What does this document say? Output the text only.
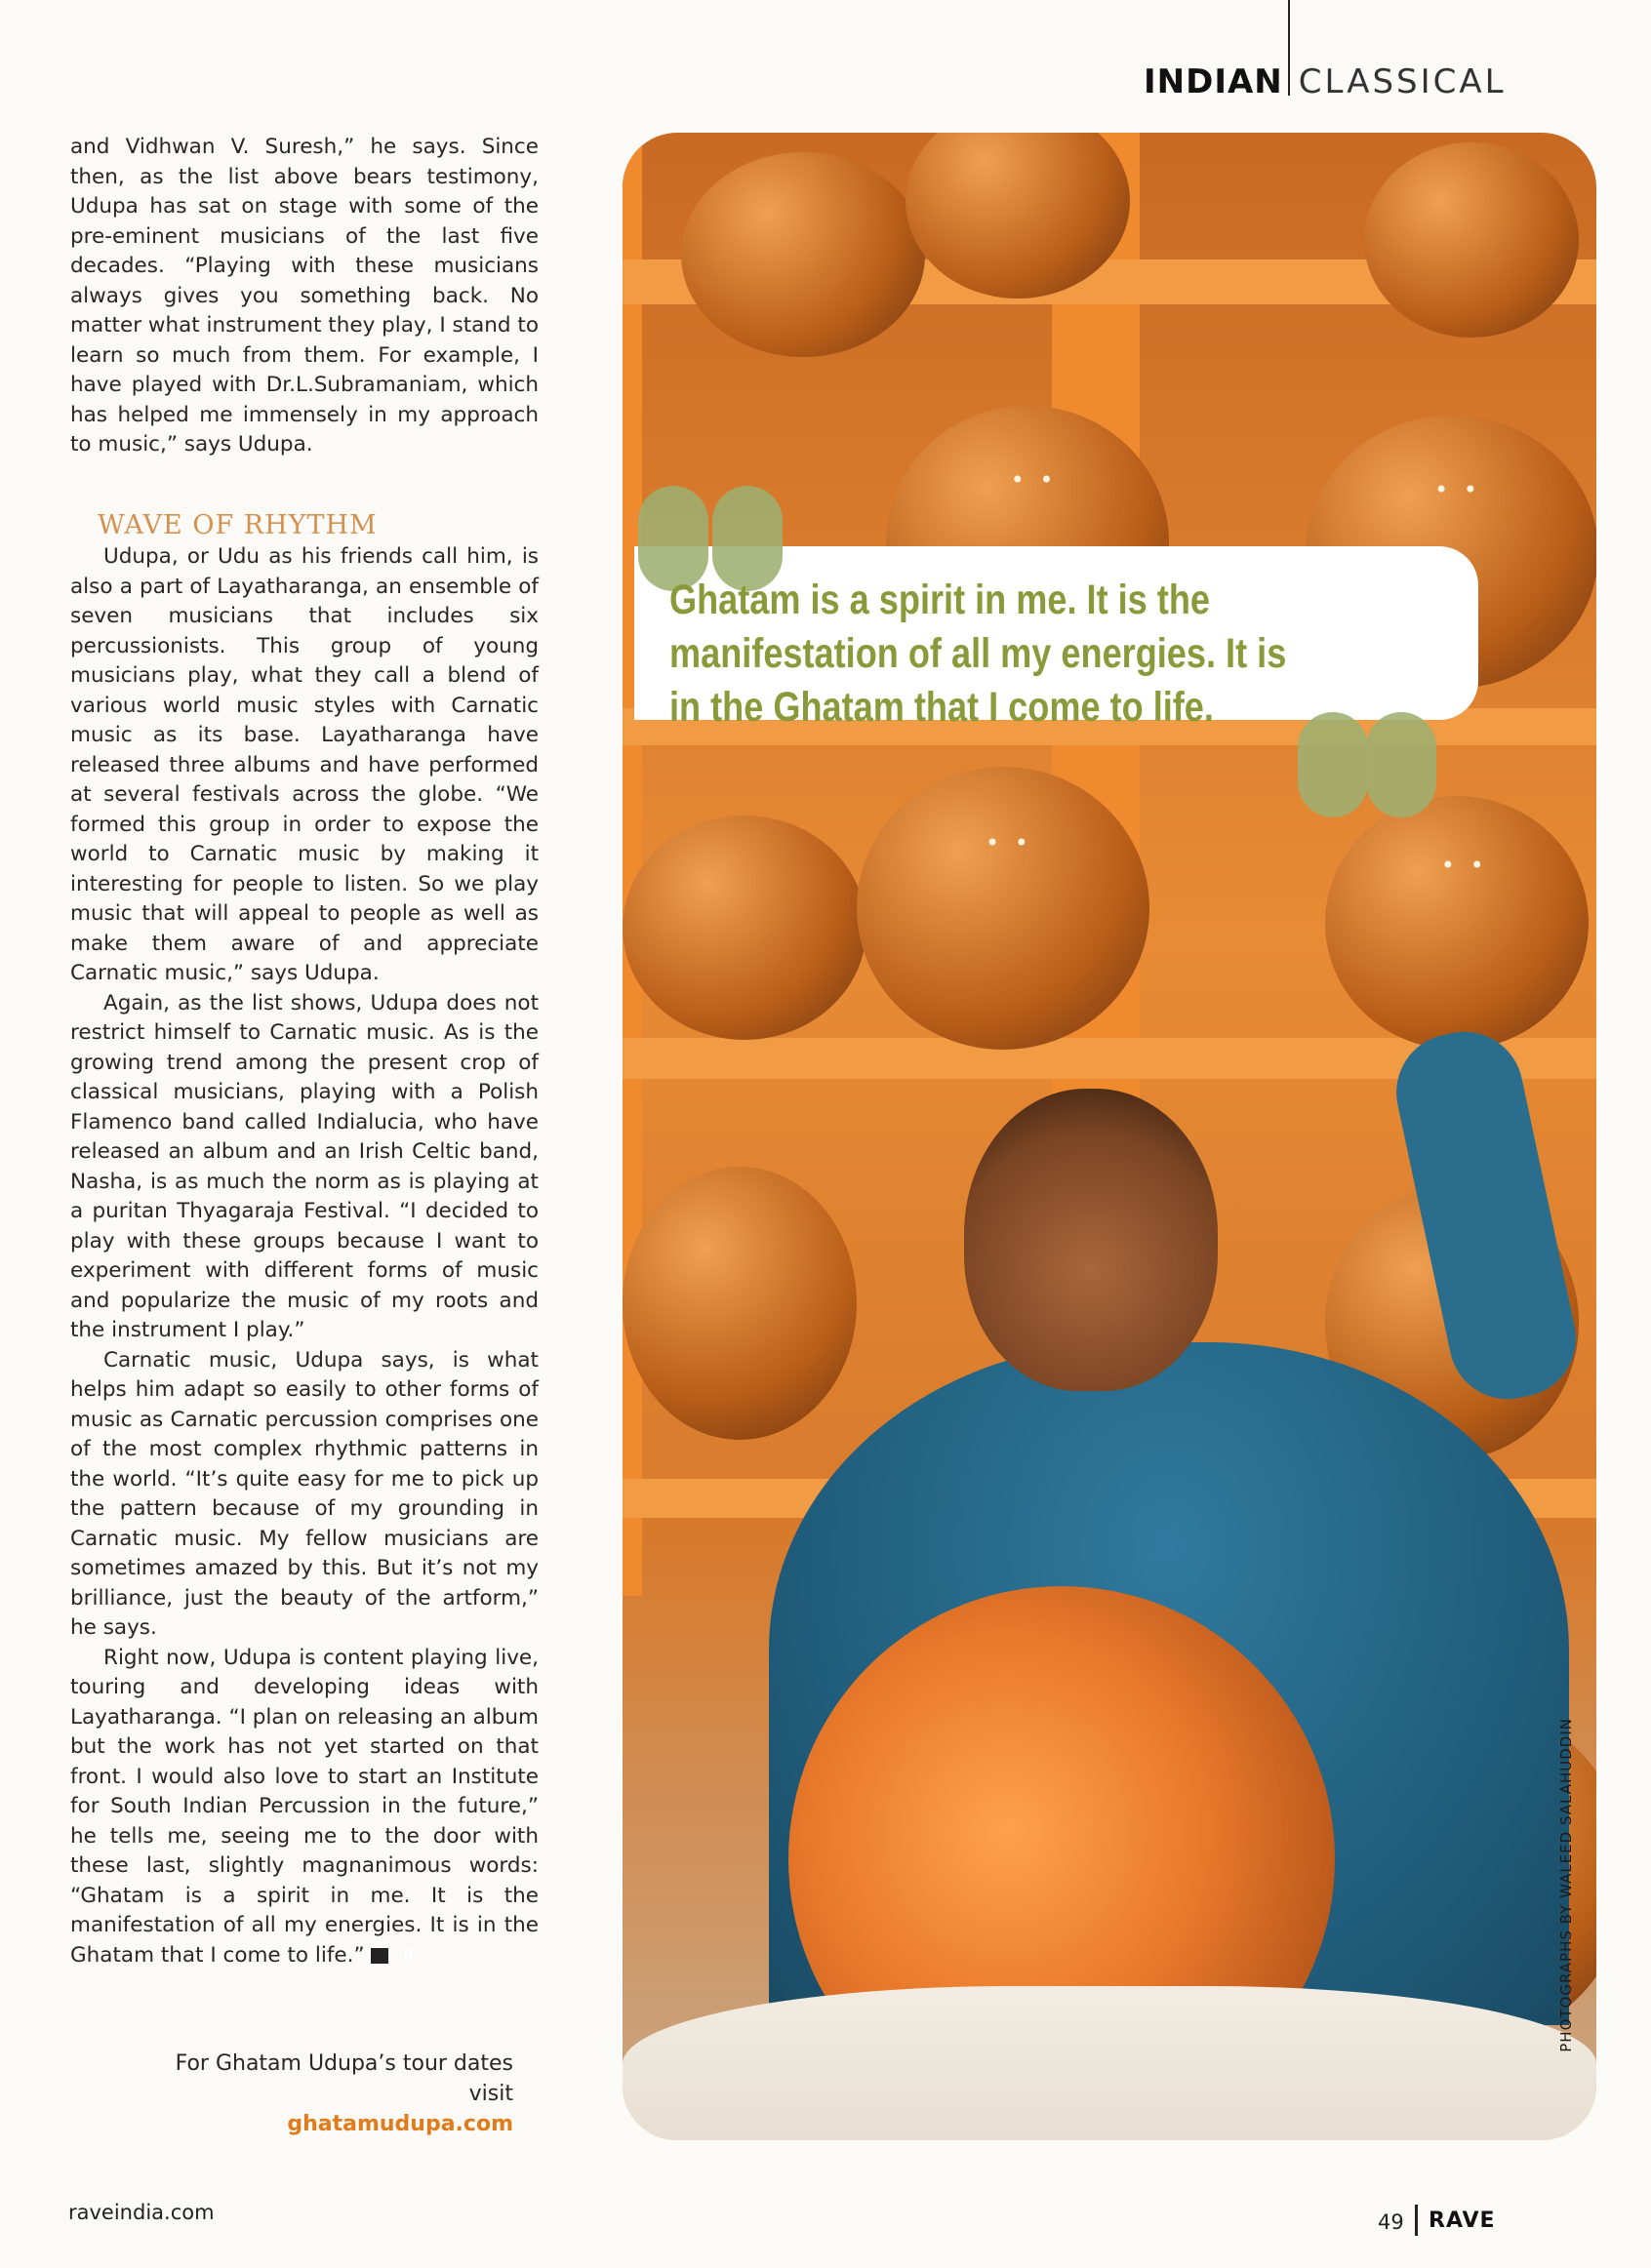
INDIAN CLASSICAL

and Vidhwan V. Suresh,” he says. Since then, as the list above bears testimony, Udupa has sat on stage with some of the pre-eminent musicians of the last five decades. “Playing with these musicians always gives you something back. No matter what instrument they play, I stand to learn so much from them. For example, I have played with Dr.L.Subramaniam, which has helped me immensely in my approach to music,” says Udupa.

WAVE OF RHYTHM

Udupa, or Udu as his friends call him, is also a part of Layatharanga, an ensemble of seven musicians that includes six percussionists. This group of young musicians play, what they call a blend of various world music styles with Carnatic music as its base. Layatharanga have released three albums and have performed at several festivals across the globe. “We formed this group in order to expose the world to Carnatic music by making it interesting for people to listen. So we play music that will appeal to people as well as make them aware of and appreciate Carnatic music,” says Udupa.

Again, as the list shows, Udupa does not restrict himself to Carnatic music. As is the growing trend among the present crop of classical musicians, playing with a Polish Flamenco band called Indialucia, who have released an album and an Irish Celtic band, Nasha, is as much the norm as is playing at a puritan Thyagaraja Festival. “I decided to play with these groups because I want to experiment with different forms of music and popularize the music of my roots and the instrument I play.”

Carnatic music, Udupa says, is what helps him adapt so easily to other forms of music as Carnatic percussion comprises one of the most complex rhythmic patterns in the world. “It’s quite easy for me to pick up the pattern because of my grounding in Carnatic music. My fellow musicians are sometimes amazed by this. But it’s not my brilliance, just the beauty of the artform,” he says.

Right now, Udupa is content playing live, touring and developing ideas with Layatharanga. “I plan on releasing an album but the work has not yet started on that front. I would also love to start an Institute for South Indian Percussion in the future,” he tells me, seeing me to the door with these last, slightly magnanimous words: “Ghatam is a spirit in me. It is the manifestation of all my energies. It is in the Ghatam that I come to life.”	R

For Ghatam Udupa’s tour dates visit
ghatamudupa.com
• •	• •
• •
• •
PHOTOGRAPHS BY WALEED SALAHUDDIN
Ghatam is a spirit in me. It is the manifestation of all my energies. It is in the Ghatam that I come to life.
raveindia.com	49 RAVE
